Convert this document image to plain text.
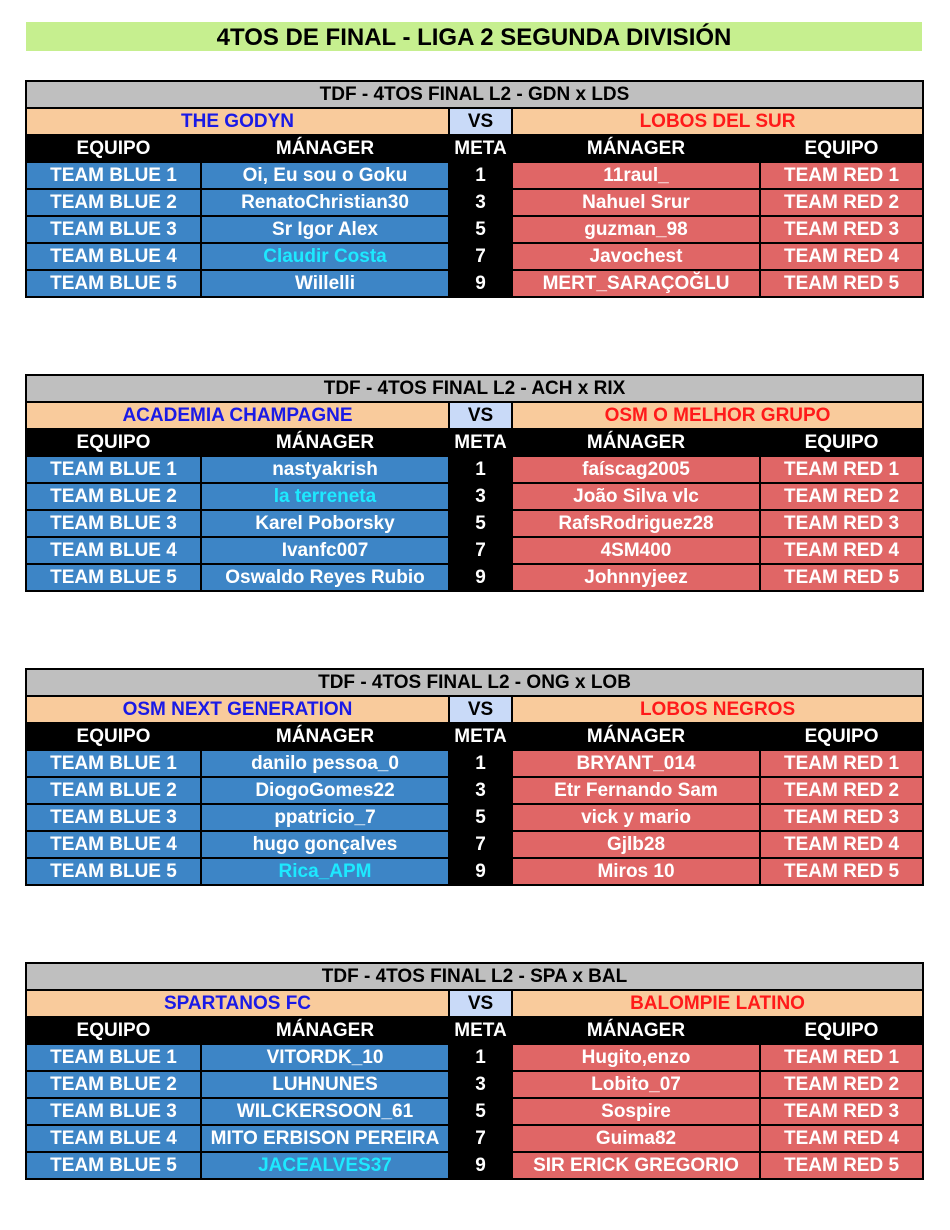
4TOS DE FINAL - LIGA 2 SEGUNDA DIVISIÓN
TDF - 4TOS FINAL L2 - GDN x LDS				
THE GODYN		VS	LOBOS DEL SUR	
EQUIPO	MÁNAGER	META	MÁNAGER	EQUIPO
TEAM BLUE 1	Oi, Eu sou o Goku	1	11raul_	TEAM RED 1
TEAM BLUE 2	RenatoChristian30	3	Nahuel Srur	TEAM RED 2
TEAM BLUE 3	Sr Igor Alex	5	guzman_98	TEAM RED 3
TEAM BLUE 4	Claudir Costa	7	Javochest	TEAM RED 4
TEAM BLUE 5	Willelli	9	MERT_SARAÇOĞLU	TEAM RED 5
TDF - 4TOS FINAL L2 - ACH x RIX				
ACADEMIA CHAMPAGNE		VS	OSM O MELHOR GRUPO	
EQUIPO	MÁNAGER	META	MÁNAGER	EQUIPO
TEAM BLUE 1	nastyakrish	1	faíscag2005	TEAM RED 1
TEAM BLUE 2	la terreneta	3	João Silva vlc	TEAM RED 2
TEAM BLUE 3	Karel Poborsky	5	RafsRodriguez28	TEAM RED 3
TEAM BLUE 4	Ivanfc007	7	4SM400	TEAM RED 4
TEAM BLUE 5	Oswaldo Reyes Rubio	9	Johnnyjeez	TEAM RED 5
TDF - 4TOS FINAL L2 - ONG x LOB				
OSM NEXT GENERATION		VS	LOBOS NEGROS	
EQUIPO	MÁNAGER	META	MÁNAGER	EQUIPO
TEAM BLUE 1	danilo pessoa_0	1	BRYANT_014	TEAM RED 1
TEAM BLUE 2	DiogoGomes22	3	Etr Fernando Sam	TEAM RED 2
TEAM BLUE 3	ppatricio_7	5	vick y mario	TEAM RED 3
TEAM BLUE 4	hugo gonçalves	7	Gjlb28	TEAM RED 4
TEAM BLUE 5	Rica_APM	9	Miros 10	TEAM RED 5
TDF - 4TOS FINAL L2 - SPA x BAL				
SPARTANOS FC		VS	BALOMPIE LATINO	
EQUIPO	MÁNAGER	META	MÁNAGER	EQUIPO
TEAM BLUE 1	VITORDK_10	1	Hugito,enzo	TEAM RED 1
TEAM BLUE 2	LUHNUNES	3	Lobito_07	TEAM RED 2
TEAM BLUE 3	WILCKERSOON_61	5	Sospire	TEAM RED 3
TEAM BLUE 4	MITO ERBISON PEREIRA	7	Guima82	TEAM RED 4
TEAM BLUE 5	JACEALVES37	9	SIR ERICK GREGORIO	TEAM RED 5
